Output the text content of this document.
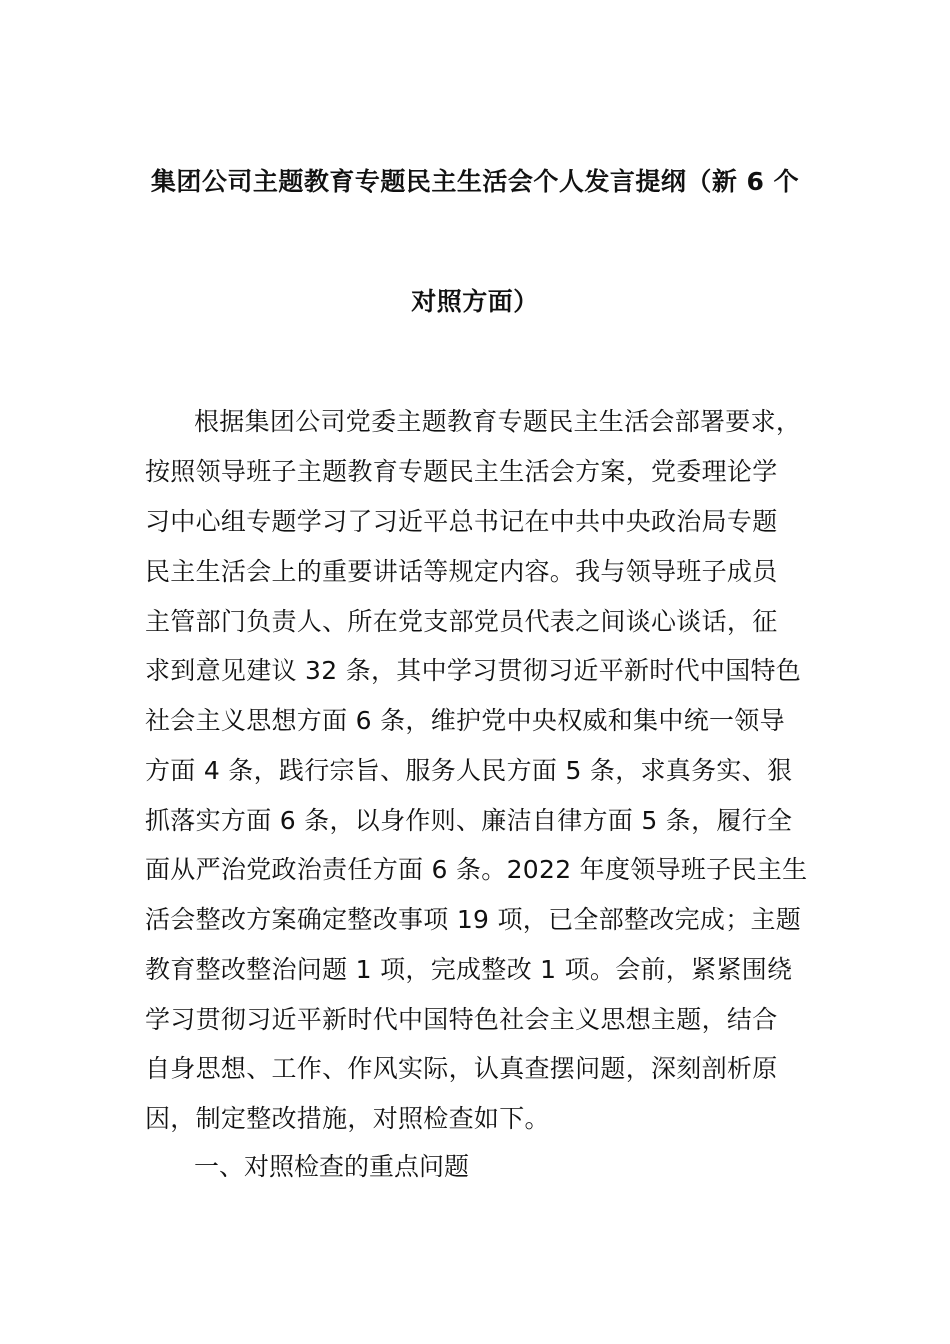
集团公司主题教育专题民主生活会个人发言提纲（新 6 个
对照方面）
根据集团公司党委主题教育专题民主生活会部署要求，
按照领导班子主题教育专题民主生活会方案，党委理论学
习中心组专题学习了习近平总书记在中共中央政治局专题
民主生活会上的重要讲话等规定内容。我与领导班子成员
主管部门负责人、所在党支部党员代表之间谈心谈话，征
求到意见建议 32 条，其中学习贯彻习近平新时代中国特色
社会主义思想方面 6 条，维护党中央权威和集中统一领导
方面 4 条，践行宗旨、服务人民方面 5 条，求真务实、狠
抓落实方面 6 条，以身作则、廉洁自律方面 5 条，履行全
面从严治党政治责任方面 6 条。2022 年度领导班子民主生
活会整改方案确定整改事项 19 项，已全部整改完成；主题
教育整改整治问题 1 项，完成整改 1 项。会前，紧紧围绕
学习贯彻习近平新时代中国特色社会主义思想主题，结合
自身思想、工作、作风实际，认真查摆问题，深刻剖析原
因，制定整改措施，对照检查如下。
一、对照检查的重点问题
